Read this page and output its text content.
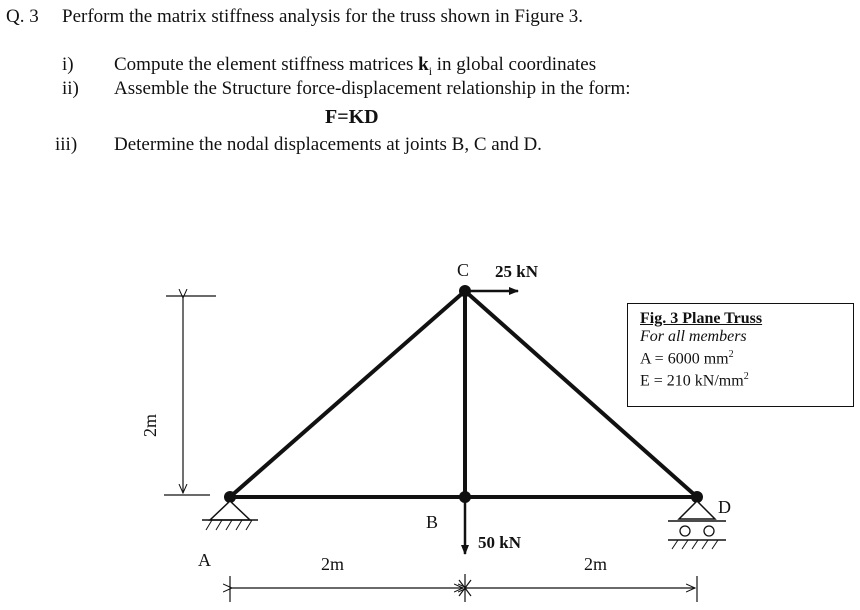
Q. 3 Perform the matrix stiffness analysis for the truss shown in Figure 3.
i) Compute the element stiffness matrices $k_i$ in global coordinates
ii) Assemble the Structure force-displacement relationship in the form:
F=KD
iii) Determine the nodal displacements at joints B, C and D.
A
B
C
D
25 kN
50 kN
2m
2m	2m
Fig. 3 Plane Truss
For all members
A = 6000 $mm^2$
E = 210 $kN/mm^2$
